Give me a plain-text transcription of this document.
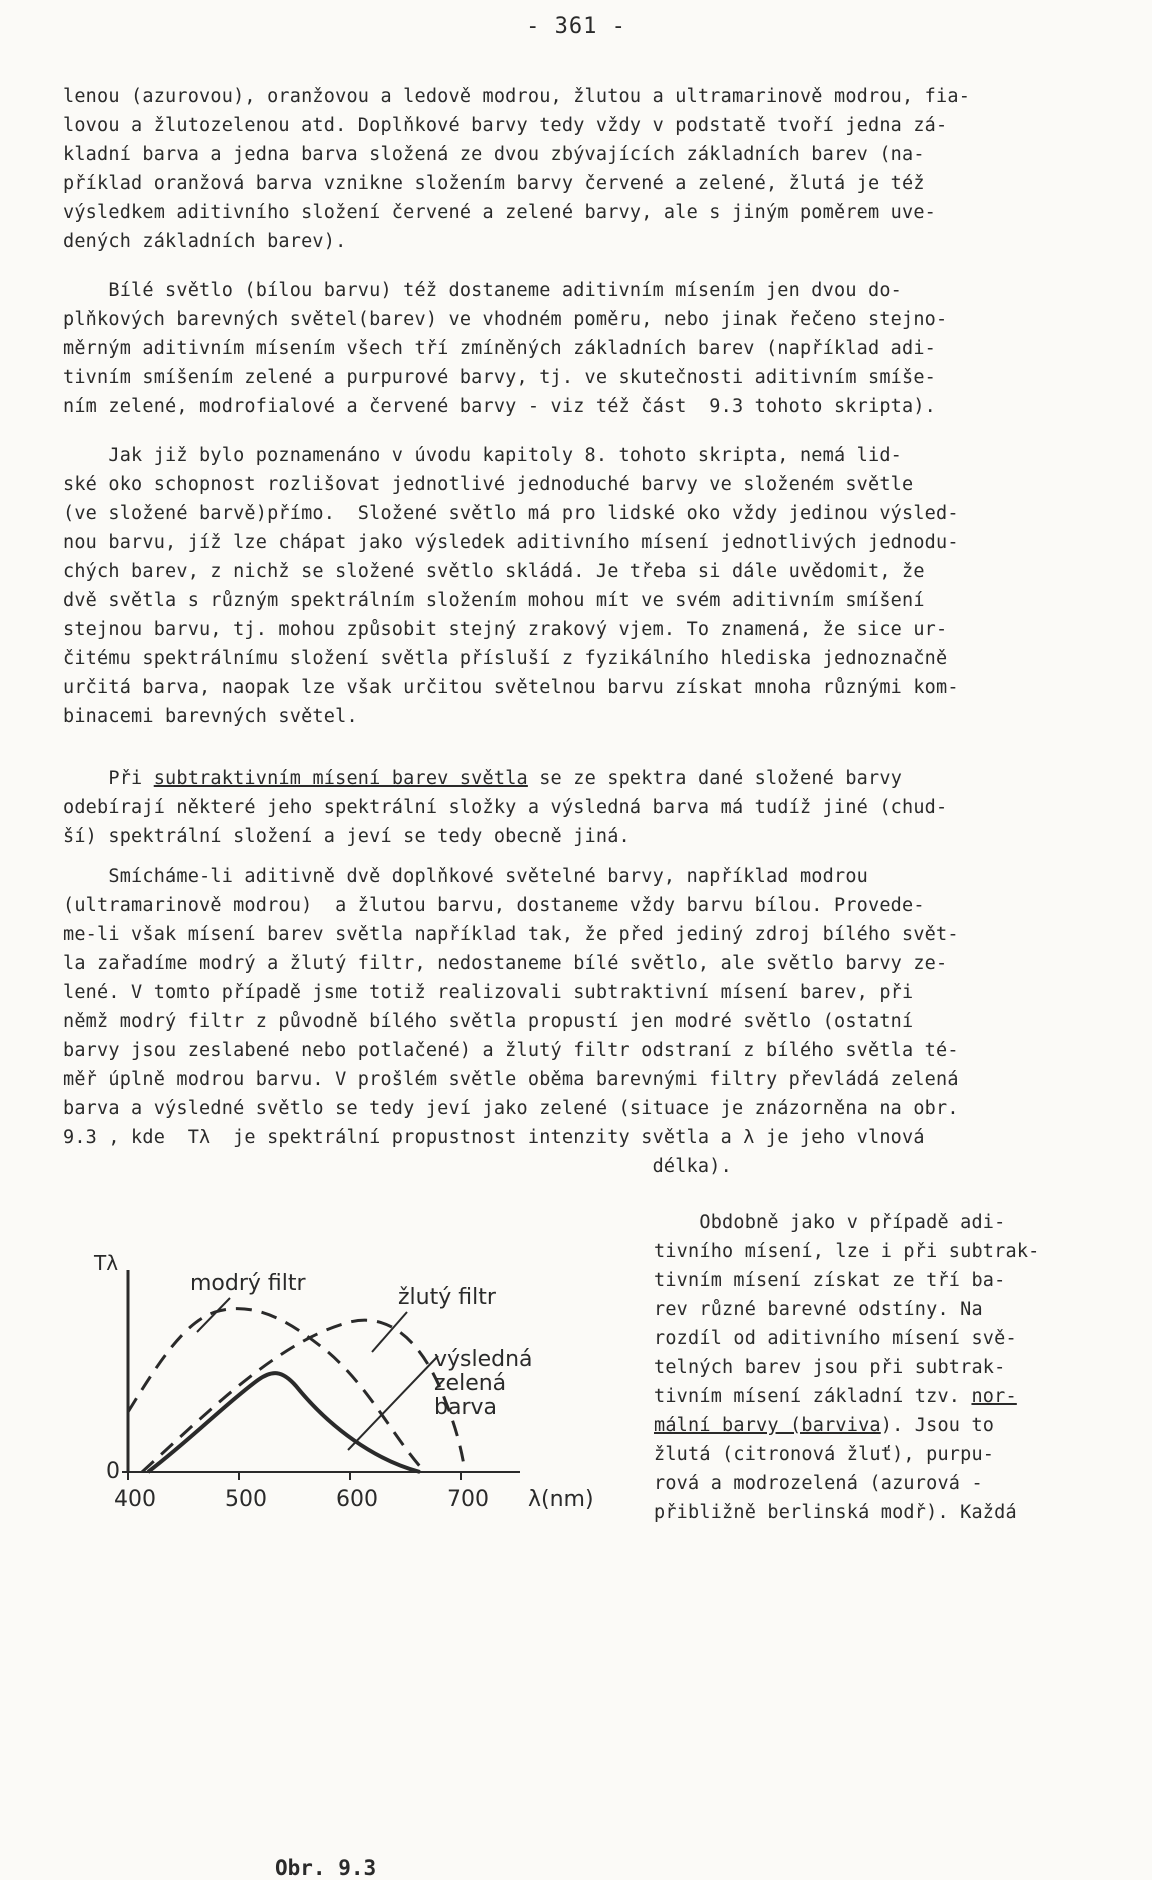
- 361 -
lenou (azurovou), oranžovou a ledově modrou, žlutou a ultramarinově modrou, fia-
lovou a žlutozelenou atd. Doplňkové barvy tedy vždy v podstatě tvoří jedna zá-
kladní barva a jedna barva složená ze dvou zbývajících základních barev (na-
příklad oranžová barva vznikne složením barvy červené a zelené, žlutá je též
výsledkem aditivního složení červené a zelené barvy, ale s jiným poměrem uve-
dených základních barev).
Bílé světlo (bílou barvu) též dostaneme aditivním mísením jen dvou do-
plňkových barevných světel(barev) ve vhodném poměru, nebo jinak řečeno stejno-
měrným aditivním mísením všech tří zmíněných základních barev (například adi-
tivním smíšením zelené a purpurové barvy, tj. ve skutečnosti aditivním smíše-
ním zelené, modrofialové a červené barvy - viz též část  9.3 tohoto skripta).
Jak již bylo poznamenáno v úvodu kapitoly 8. tohoto skripta, nemá lid-
ské oko schopnost rozlišovat jednotlivé jednoduché barvy ve složeném světle
(ve složené barvě)přímo.  Složené světlo má pro lidské oko vždy jedinou výsled-
nou barvu, jíž lze chápat jako výsledek aditivního mísení jednotlivých jednodu-
chých barev, z nichž se složené světlo skládá. Je třeba si dále uvědomit, že
dvě světla s různým spektrálním složením mohou mít ve svém aditivním smíšení
stejnou barvu, tj. mohou způsobit stejný zrakový vjem. To znamená, že sice ur-
čitému spektrálnímu složení světla přísluší z fyzikálního hlediska jednoznačně
určitá barva, naopak lze však určitou světelnou barvu získat mnoha různými kom-
binacemi barevných světel.
Při subtraktivním mísení barev světla se ze spektra dané složené barvy
odebírají některé jeho spektrální složky a výsledná barva má tudíž jiné (chud-
ší) spektrální složení a jeví se tedy obecně jiná.
Smícháme-li aditivně dvě doplňkové světelné barvy, například modrou
(ultramarinově modrou)  a žlutou barvu, dostaneme vždy barvu bílou. Provede-
me-li však mísení barev světla například tak, že před jediný zdroj bílého svět-
la zařadíme modrý a žlutý filtr, nedostaneme bílé světlo, ale světlo barvy ze-
lené. V tomto případě jsme totiž realizovali subtraktivní mísení barev, při
němž modrý filtr z původně bílého světla propustí jen modré světlo (ostatní
barvy jsou zeslabené nebo potlačené) a žlutý filtr odstraní z bílého světla té-
měř úplně modrou barvu. V prošlém světle oběma barevnými filtry převládá zelená
barva a výsledné světlo se tedy jeví jako zelené (situace je znázorněna na obr.
9.3 , kde  Tλ  je spektrální propustnost intenzity světla a λ je jeho vlnová
délka).
Obdobně jako v případě adi-
tivního mísení, lze i při subtrak-
tivním mísení získat ze tří ba-
rev různé barevné odstíny. Na
rozdíl od aditivního mísení svě-
telných barev jsou při subtrak-
tivním mísení základní tzv. nor-
mální barvy (barviva). Jsou to
žlutá (citronová žluť), purpu-
rová a modrozelená (azurová -
přibližně berlinská modř). Každá
400	500	600	700 λ(nm)
Tλ
0
modrý filtr
žlutý filtr
výsledná
zelená
barva
Obr. 9.3
